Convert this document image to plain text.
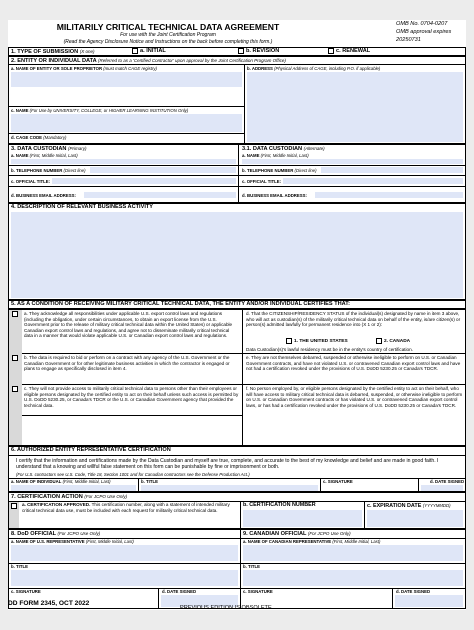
MILITARILY CRITICAL TECHNICAL DATA AGREEMENT
For use with the Joint Certification Program
(Read the Agency Disclosure Notice and Instructions on the back before completing this form.)
OMB No. 0704-0207
OMB approval expires
20250731
1. TYPE OF SUBMISSION (X one)	a. INITIAL	b. REVISION	c. RENEWAL
2. ENTITY OR INDIVIDUAL DATA (Referred to as a 'Certified Contractor' upon approval by the Joint Certification Program Office)
a. NAME OF ENTITY OR SOLE PROPRIETOR (must match CAGE registry)	b. ADDRESS (Physical Address of CAGE, including P.O. if applicable)
c. NAME (For Use by UNIVERSITY, COLLEGE, or HIGHER LEARNING INSTITUTION Only)
d. CAGE CODE (Mandatory)
3. DATA CUSTODIAN (Primary)	3.1. DATA CUSTODIAN (Alternate)
a. NAME (First, Middle Initial, Last)	a. NAME (First, Middle Initial, Last)
b. TELEPHONE NUMBER (Direct line)	b. TELEPHONE NUMBER (Direct line)
c. OFFICIAL TITLE:	c. OFFICIAL TITLE:
d. BUSINESS EMAIL ADDRESS:	d. BUSINESS EMAIL ADDRESS:
4. DESCRIPTION OF RELEVANT BUSINESS ACTIVITY
5. AS A CONDITION OF RECEIVING MILITARY CRITICAL TECHNICAL DATA, THE ENTITY AND/OR INDIVIDUAL CERTIFIES THAT:
a. They acknowledge all responsibilities under applicable U.S. export control laws and regulations (including the obligation, under certain circumstances, to obtain an export license from the U.S. Government prior to the release of military critical technical data within the United States) or applicable Canadian export control laws and regulations, and agree not to disseminate militarily critical technical data in a manner that would violate applicable U.S. or Canadian export control laws and regulations.
b. The data is required to bid or perform on a contract with any agency of the U.S. Government or the Canadian Government or for other legitimate business activities in which the contractor is engaged or plans to engage as specifically disclosed in item 4.
c. They will not provide access to militarily critical technical data to persons other than their employees or eligible persons designated by the certified entity to act on their behalf unless such access is permitted by U.S. DoDD 5230.25, or Canada's TDCR or the U.S. or Canadian Government agency that provided the technical data.
d. That the CITIZENSHIP/RESIDENCY STATUS of the individual(s) designated by name in item 3 above, who will act as custodian(s) of the militarily critical technical data on behalf of the entity, is/are citizen(s) or person(s) admitted lawfully for permanent residence into (X 1 or 2):
1. THE UNITED STATES	2. CANADA
Data Custodian(s)'s lawful residency must be in the entity's country of certification.
e. They are not themselves debarred, suspended or otherwise ineligible to perform on U.S. or Canadian Government contracts, and have not violated U.S. or contravened Canadian export control laws and have not had a certification revoked under the provisions of U.S. DoDD 5230.25 or Canada's TDCR.
f. No person employed by, or eligible persons designated by the certified entity to act on their behalf, who will have access to military critical technical data is debarred, suspended, or otherwise ineligible to perform on U.S. or Canadian Government contracts or has violated U.S. or contravened Canadian export control laws, or has had a certification revoked under the provisions of U.S. DoDD 5230.25 or Canada's TDCR.
6. AUTHORIZED ENTITY REPRESENTATIVE CERTIFICATION
I certify that the information and certifications made by the Data Custodian and myself are true, complete, and accurate to the best of my knowledge and belief and are made in good faith. I understand that a knowing and willful false statement on this form can be punishable by fine or imprisonment or both.
(For U.S. contractors see U.S. Code, Title 18, Section 1001 and for Canadian contractors see the Defense Production Act.)
a. NAME OF INDIVIDUAL (First, Middle Initial, Last)	b. TITLE	c. SIGNATURE	d. DATE SIGNED
7. CERTIFICATION ACTION (For JCPO Use Only)
a. CERTIFICATION APPROVED. This certification number, along with a statement of intended military critical technical data use, must be included with each request for militarily critical technical data.
b. CERTIFICATION NUMBER	c. EXPIRATION DATE (YYYYMMDD)
8. DoD OFFICIAL (For JCPO Use Only)	9. CANADIAN OFFICIAL (For JCPO Use Only)
a. NAME OF U.S. REPRESENTATIVE (First, Middle Initial, Last)	a. NAME OF CANADIAN REPRESENTATIVE (First, Middle Initial, Last)
b. TITLE	b. TITLE
c. SIGNATURE	d. DATE SIGNED	c. SIGNATURE	d. DATE SIGNED
DD FORM 2345, OCT 2022
PREVIOUS EDITION IS OBSOLETE.
